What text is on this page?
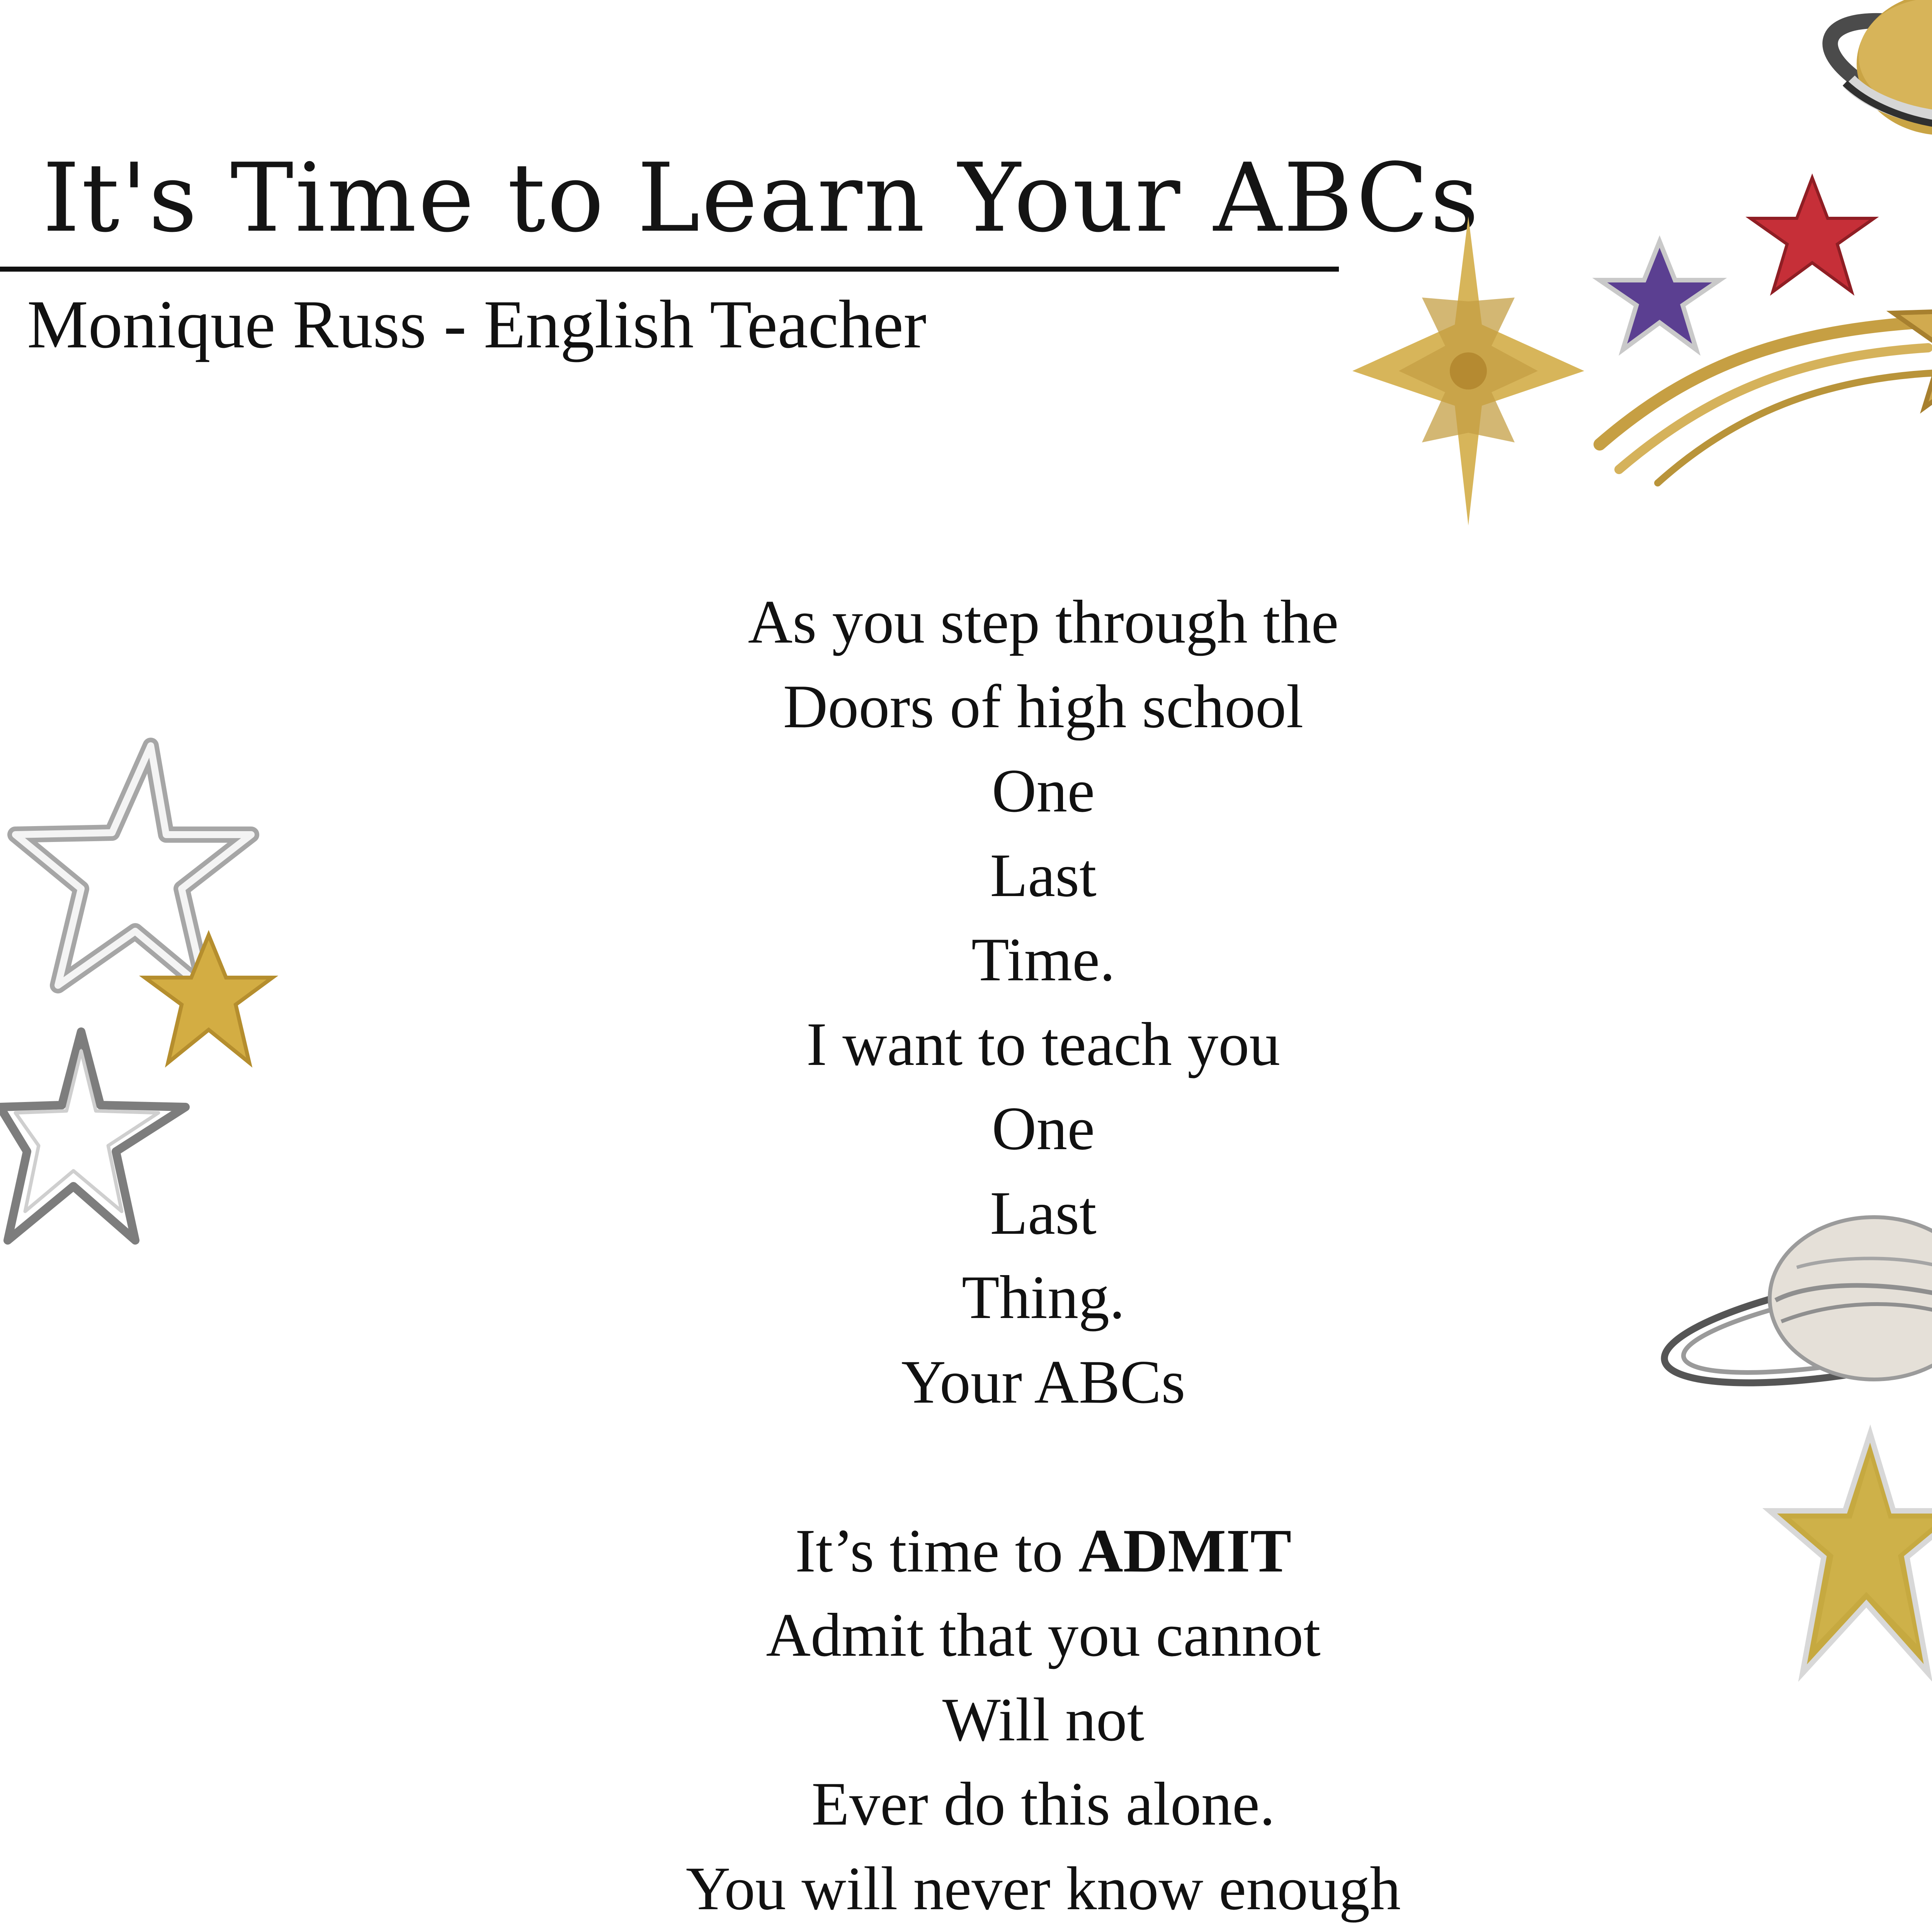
It's Time to Learn Your ABCs
Monique Russ - English Teacher
As you step through the
Doors of high school
One
Last
Time.
I want to teach you
One
Last
Thing.
Your ABCs
It’s time to ADMIT
Admit that you cannot
Will not
Ever do this alone.
You will never know enough
